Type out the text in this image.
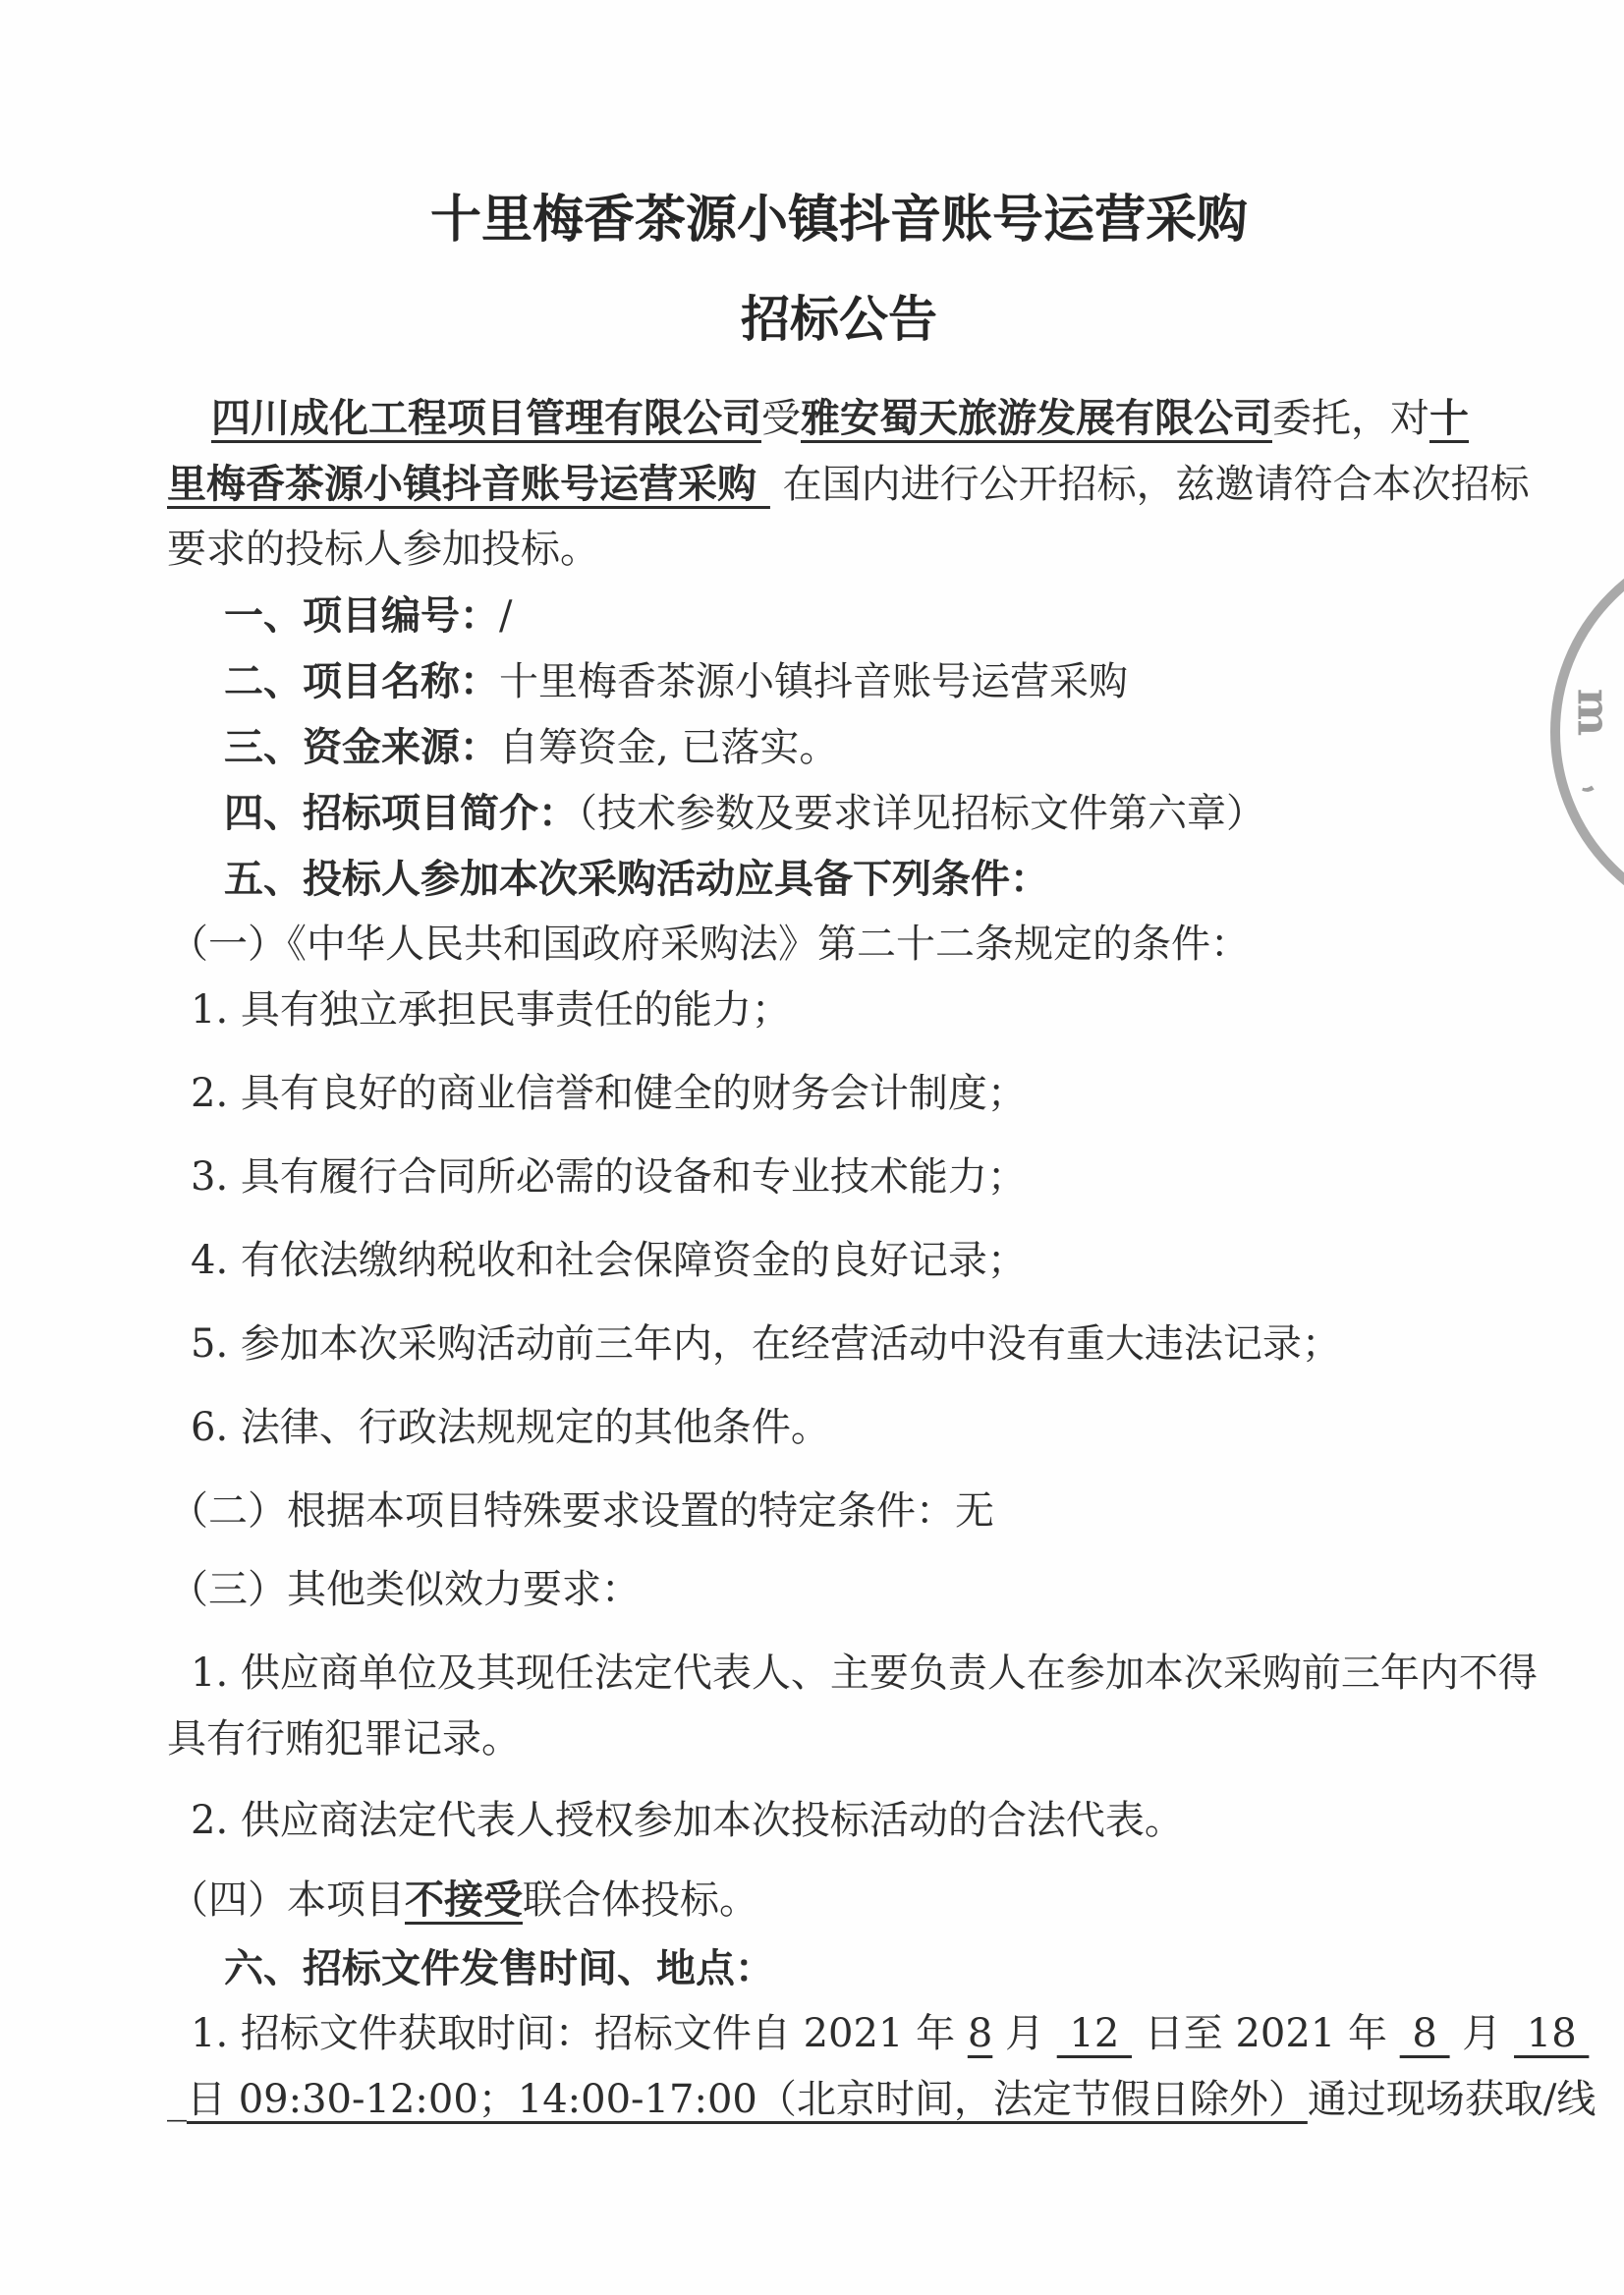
十里梅香茶源小镇抖音账号运营采购
招标公告
四川成化工程项目管理有限公司受雅安蜀天旅游发展有限公司委托，对十
里梅香茶源小镇抖音账号运营采购  在国内进行公开招标，兹邀请符合本次招标
要求的投标人参加投标。
一、项目编号：/
二、项目名称：十里梅香茶源小镇抖音账号运营采购
三、资金来源：自筹资金, 已落实。
四、招标项目简介：（技术参数及要求详见招标文件第六章）
五、投标人参加本次采购活动应具备下列条件：
（一）《中华人民共和国政府采购法》第二十二条规定的条件：
1. 具有独立承担民事责任的能力；
2. 具有良好的商业信誉和健全的财务会计制度；
3. 具有履行合同所必需的设备和专业技术能力；
4. 有依法缴纳税收和社会保障资金的良好记录；
5. 参加本次采购活动前三年内，在经营活动中没有重大违法记录；
6. 法律、行政法规规定的其他条件。
（二）根据本项目特殊要求设置的特定条件：无
（三）其他类似效力要求：
1. 供应商单位及其现任法定代表人、主要负责人在参加本次采购前三年内不得
具有行贿犯罪记录。
2. 供应商法定代表人授权参加本次投标活动的合法代表。
（四）本项目不接受联合体投标。
六、招标文件发售时间、地点：
1. 招标文件获取时间：招标文件自 2021 年 8 月  12  日至 2021 年  8  月  18
_日 09:30-12:00；14:00-17:00（北京时间，法定节假日除外）通过现场获取/线
m
,
